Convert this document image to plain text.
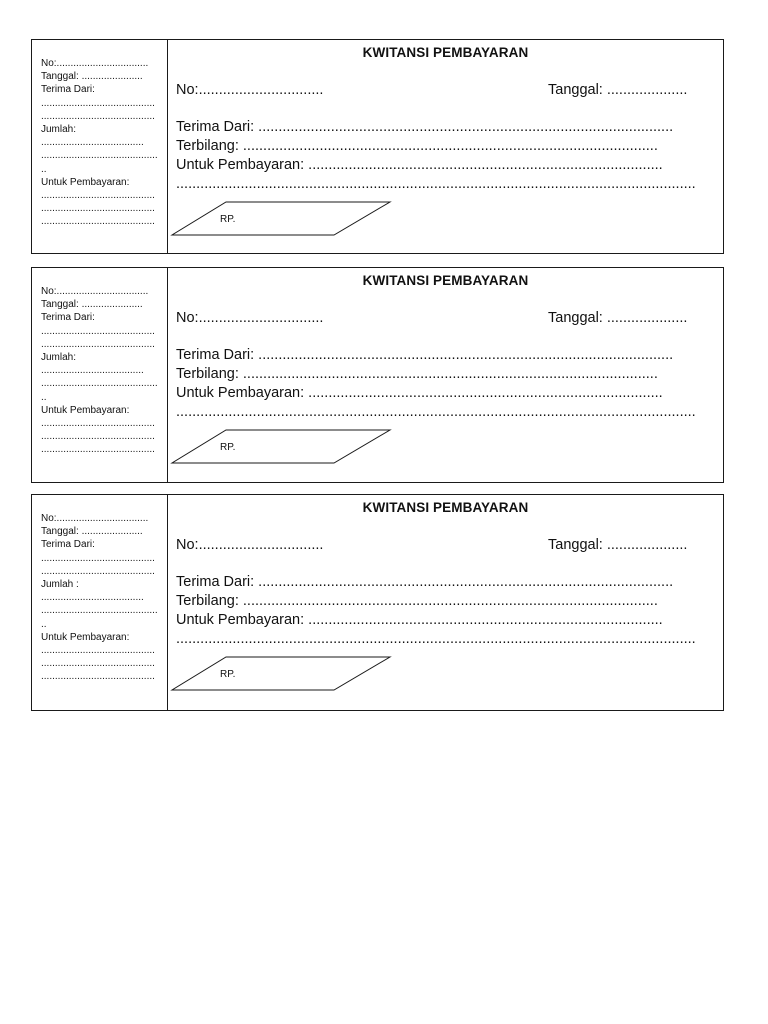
No:.................................
Tanggal: ......................
Terima Dari:
.........................................
.........................................
Jumlah:
.....................................
..........................................
..
Untuk Pembayaran:
.........................................
.........................................
.........................................
KWITANSI PEMBAYARAN
No:...............................	Tanggal: ....................
Terima Dari: .......................................................................................................
Terbilang: .......................................................................................................
Untuk Pembayaran: ........................................................................................
.................................................................................................................................
RP.
No:.................................
Tanggal: ......................
Terima Dari:
.........................................
.........................................
Jumlah:
.....................................
..........................................
..
Untuk Pembayaran:
.........................................
.........................................
.........................................
KWITANSI PEMBAYARAN
No:...............................	Tanggal: ....................
Terima Dari: .......................................................................................................
Terbilang: .......................................................................................................
Untuk Pembayaran: ........................................................................................
.................................................................................................................................
RP.
No:.................................
Tanggal: ......................
Terima Dari:
.........................................
.........................................
Jumlah :
.....................................
..........................................
..
Untuk Pembayaran:
.........................................
.........................................
.........................................
KWITANSI PEMBAYARAN
No:...............................	Tanggal: ....................
Terima Dari: .......................................................................................................
Terbilang: .......................................................................................................
Untuk Pembayaran: ........................................................................................
.................................................................................................................................
RP.
